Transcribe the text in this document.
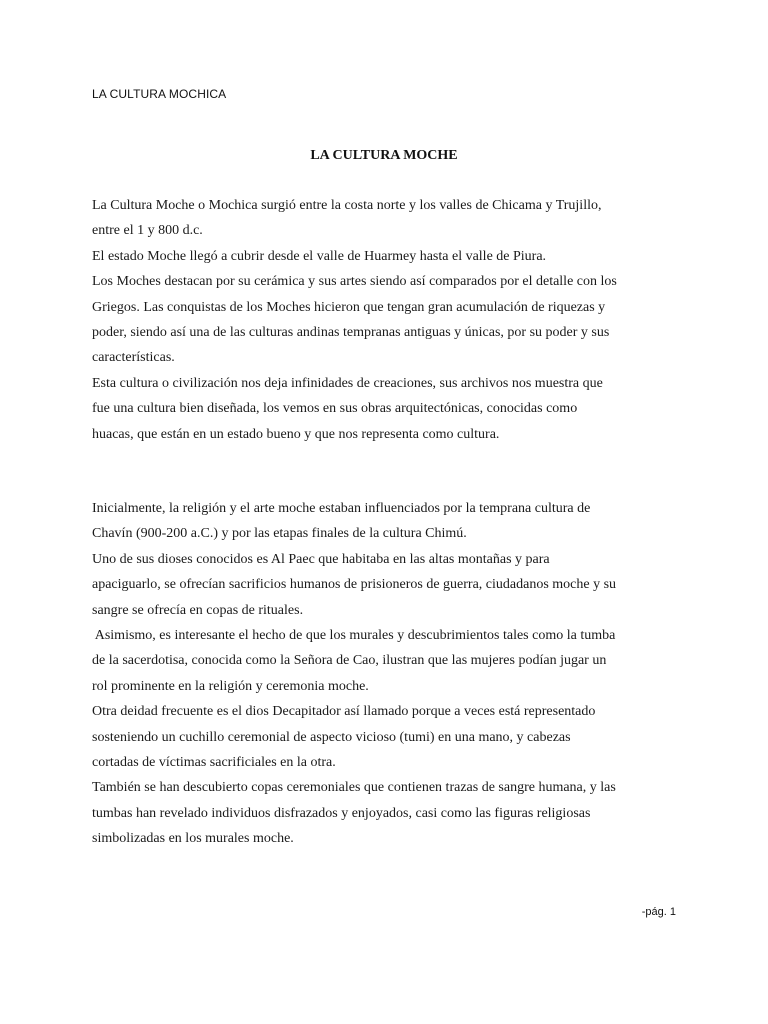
LA CULTURA MOCHICA
LA CULTURA MOCHE
La Cultura Moche o Mochica surgió entre la costa norte y los valles de Chicama y Trujillo,
entre el 1 y 800 d.c.
El estado Moche llegó a cubrir desde el valle de Huarmey hasta el valle de Piura.
Los Moches destacan por su cerámica y sus artes siendo así comparados por el detalle con los
Griegos. Las conquistas de los Moches hicieron que tengan gran acumulación de riquezas y
poder, siendo así una de las culturas andinas tempranas antiguas y únicas, por su poder y sus
características.
Esta cultura o civilización nos deja infinidades de creaciones, sus archivos nos muestra que
fue una cultura bien diseñada, los vemos en sus obras arquitectónicas, conocidas como
huacas, que están en un estado bueno y que nos representa como cultura.
Inicialmente, la religión y el arte moche estaban influenciados por la temprana cultura de
Chavín (900-200 a.C.) y por las etapas finales de la cultura Chimú.
Uno de sus dioses conocidos es Al Paec que habitaba en las altas montañas y para
apaciguarlo, se ofrecían sacrificios humanos de prisioneros de guerra, ciudadanos moche y su
sangre se ofrecía en copas de rituales.
Asimismo, es interesante el hecho de que los murales y descubrimientos tales como la tumba
de la sacerdotisa, conocida como la Señora de Cao, ilustran que las mujeres podían jugar un
rol prominente en la religión y ceremonia moche.
Otra deidad frecuente es el dios Decapitador así llamado porque a veces está representado
sosteniendo un cuchillo ceremonial de aspecto vicioso (tumi) en una mano, y cabezas
cortadas de víctimas sacrificiales en la otra.
También se han descubierto copas ceremoniales que contienen trazas de sangre humana, y las
tumbas han revelado individuos disfrazados y enjoyados, casi como las figuras religiosas
simbolizadas en los murales moche.
-pág. 1
